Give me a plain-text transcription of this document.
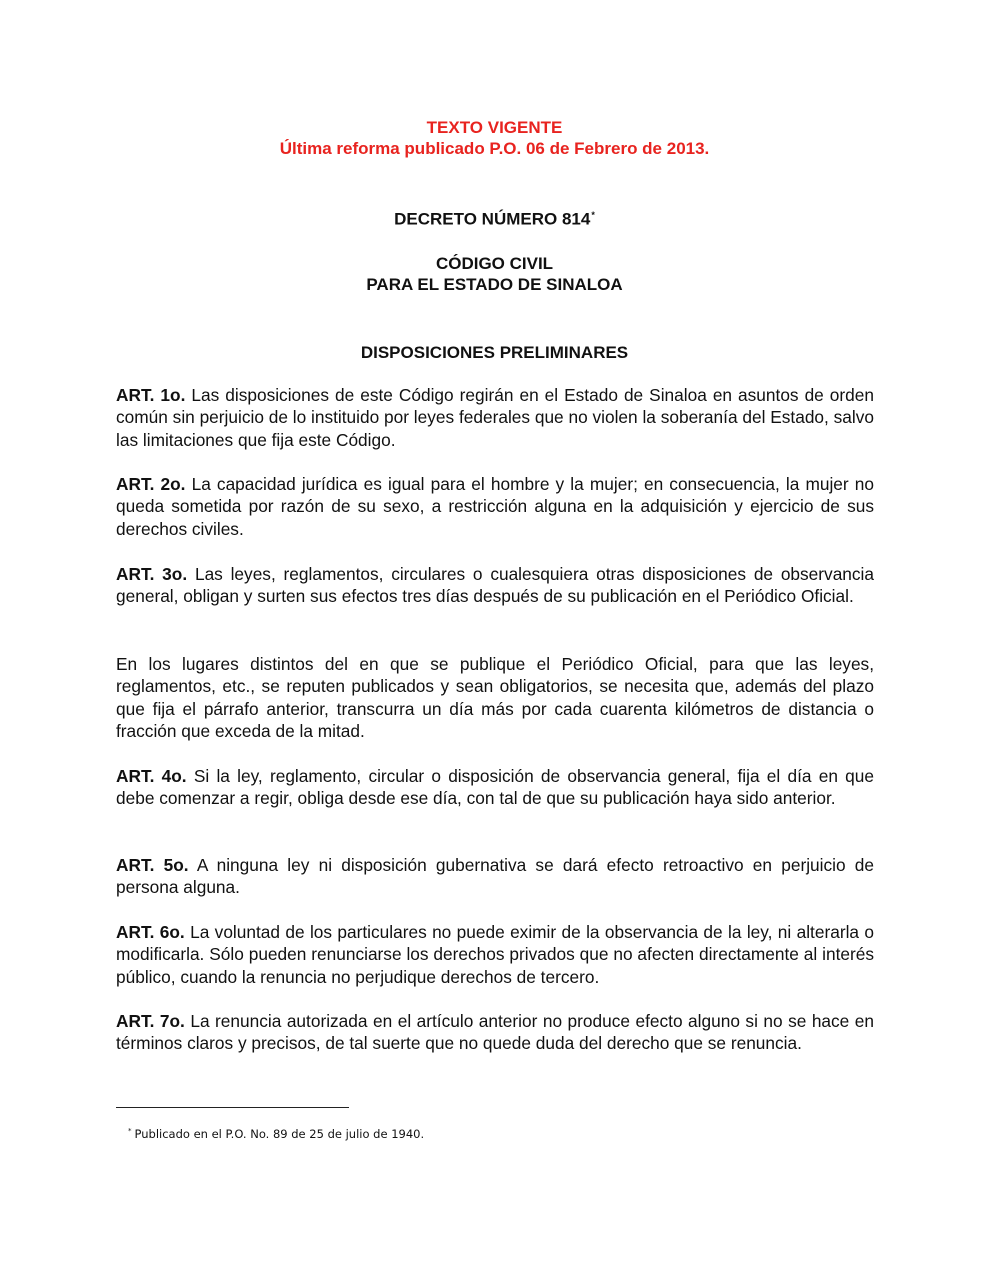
TEXTO VIGENTE
Última reforma publicado P.O. 06 de Febrero de 2013.
DECRETO NÚMERO 814*
CÓDIGO CIVIL
PARA EL ESTADO DE SINALOA
DISPOSICIONES PRELIMINARES
ART. 1o. Las disposiciones de este Código regirán en el Estado de Sinaloa en asuntos de orden común sin perjuicio de lo instituido por leyes federales que no violen la soberanía del Estado, salvo las limitaciones que fija este Código.
ART. 2o. La capacidad jurídica es igual para el hombre y la mujer; en consecuencia, la mujer no queda sometida por razón de su sexo, a restricción alguna en la adquisición y ejercicio de sus derechos civiles.
ART. 3o. Las leyes, reglamentos, circulares o cualesquiera otras disposiciones de observancia general, obligan y surten sus efectos tres días después de su publicación en el Periódico Oficial.
En los lugares distintos del en que se publique el Periódico Oficial, para que las leyes, reglamentos, etc., se reputen publicados y sean obligatorios, se necesita que, además del plazo que fija el párrafo anterior, transcurra un día más por cada cuarenta kilómetros de distancia o fracción que exceda de la mitad.
ART. 4o. Si la ley, reglamento, circular o disposición de observancia general, fija el día en que debe comenzar a regir, obliga desde ese día, con tal de que su publicación haya sido anterior.
ART. 5o. A ninguna ley ni disposición gubernativa se dará efecto retroactivo en perjuicio de persona alguna.
ART. 6o. La voluntad de los particulares no puede eximir de la observancia de la ley, ni alterarla o modificarla. Sólo pueden renunciarse los derechos privados que no afecten directamente al interés público, cuando la renuncia no perjudique derechos de tercero.
ART. 7o. La renuncia autorizada en el artículo anterior no produce efecto alguno si no se hace en términos claros y precisos, de tal suerte que no quede duda del derecho que se renuncia.
* Publicado en el P.O. No. 89 de 25 de julio de 1940.
